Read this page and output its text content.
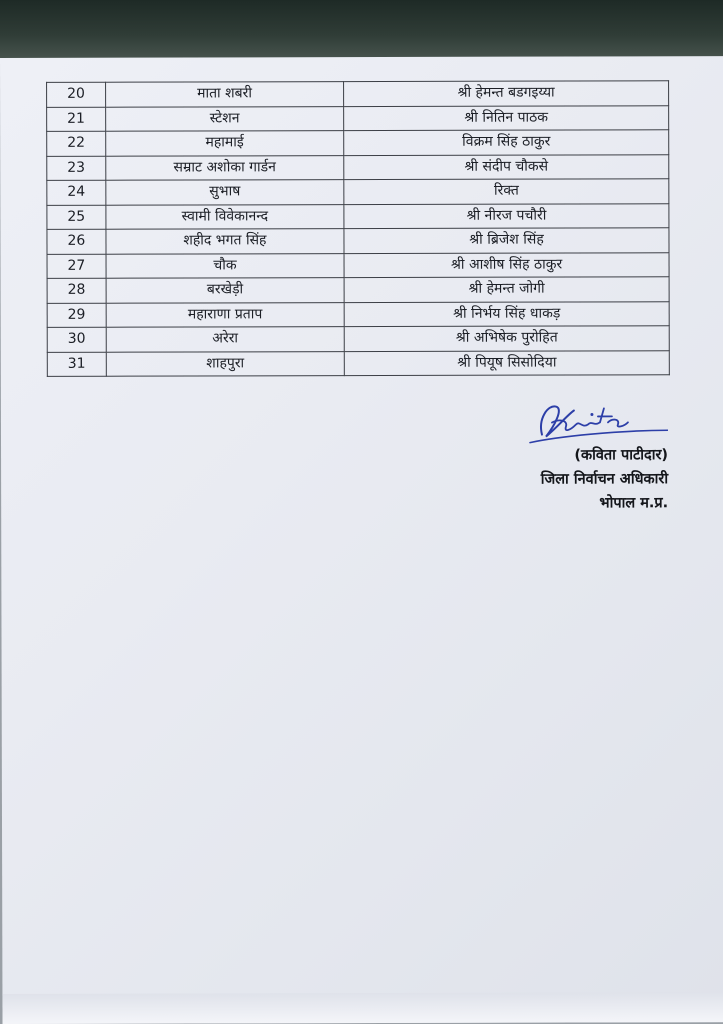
20	माता शबरी	श्री हेमन्त बडगइय्या
21	स्टेशन	श्री नितिन पाठक
22	महामाई	विक्रम सिंह ठाकुर
23	सम्राट अशोका गार्डन	श्री संदीप चौकसे
24	सुभाष	रिक्त
25	स्वामी विवेकानन्द	श्री नीरज पचौरी
26	शहीद भगत सिंह	श्री ब्रिजेश सिंह
27	चौक	श्री आशीष सिंह ठाकुर
28	बरखेड़ी	श्री हेमन्त जोगी
29	महाराणा प्रताप	श्री निर्भय सिंह धाकड़
30	अरेरा	श्री अभिषेक पुरोहित
31	शाहपुरा	श्री पियूष सिसोदिया
(कविता पाटीदार)
जिला निर्वाचन अधिकारी
भोपाल म.प्र.
